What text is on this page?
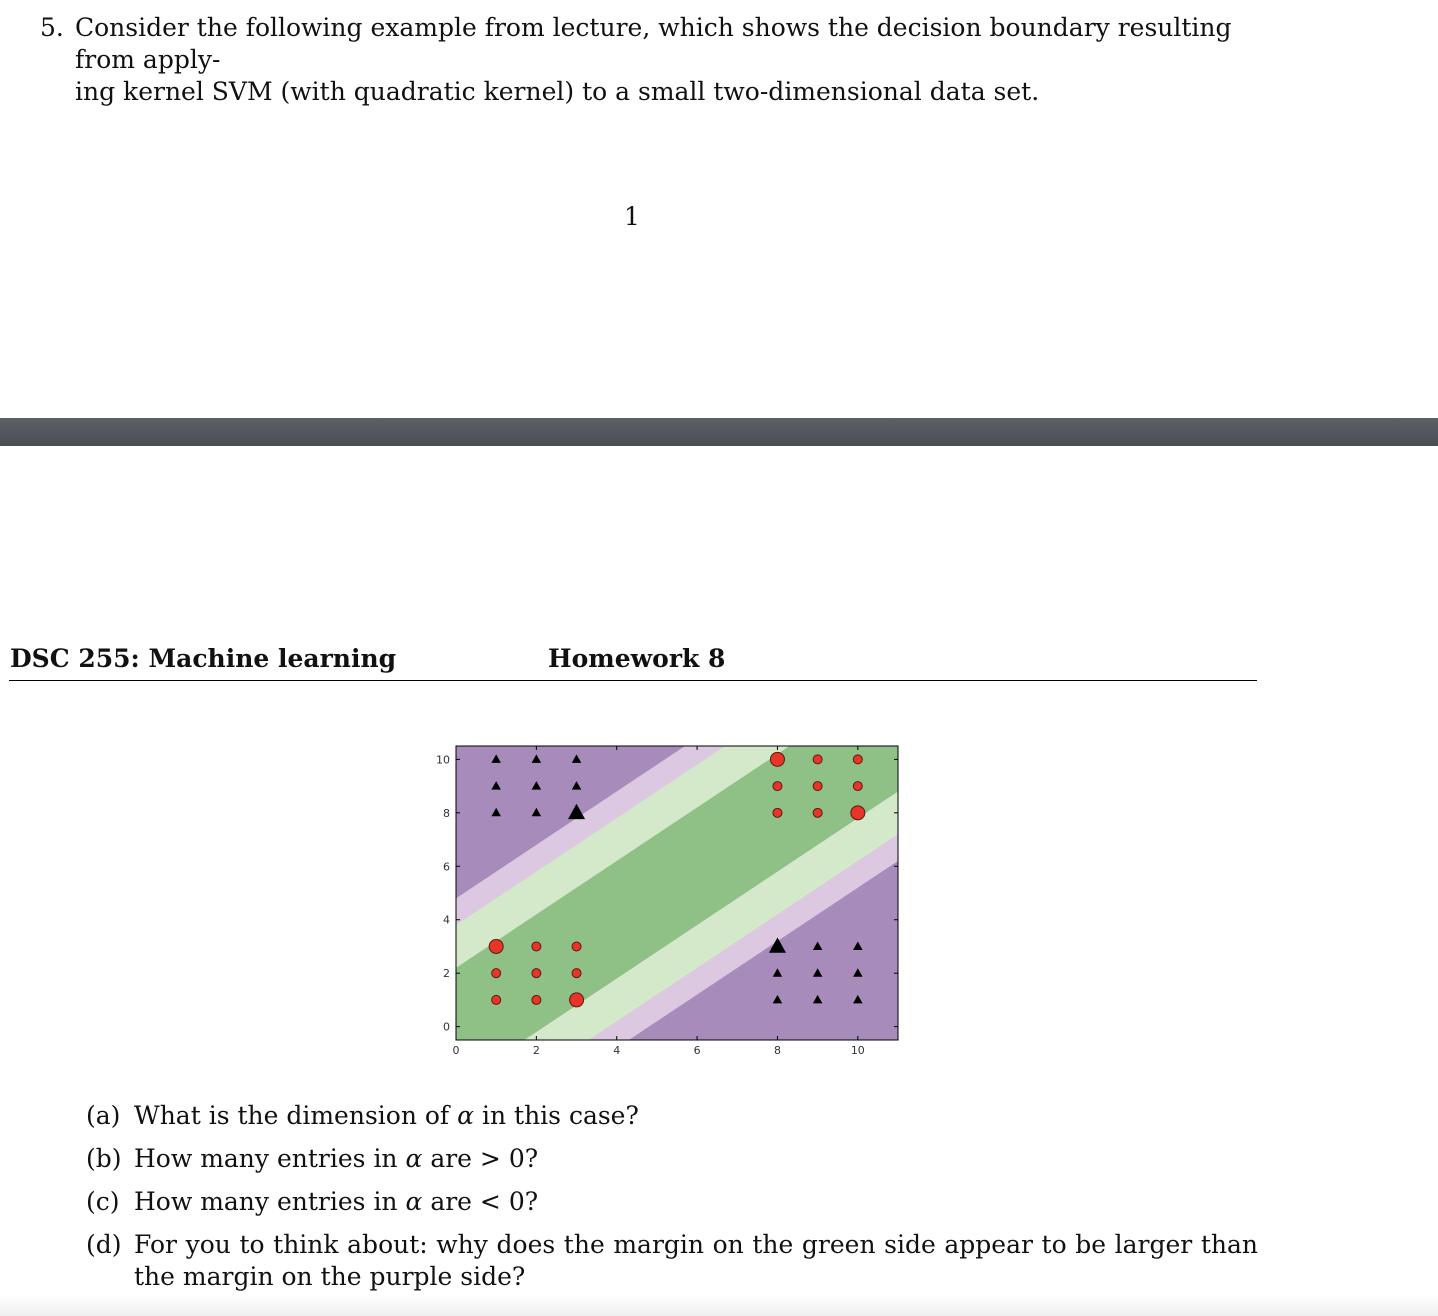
5. Consider the following example from lecture, which shows the decision boundary resulting from apply-
ing kernel SVM (with quadratic kernel) to a small two-dimensional data set.
1
DSC 255: Machine learning	Homework 8
0	2	4	6	8	10
0
2
4
6
8
10
(a) What is the dimension of α in this case?
(b) How many entries in α are > 0?
(c) How many entries in α are < 0?
(d) For you to think about: why does the margin on the green side appear to be larger than the margin on the purple side?
